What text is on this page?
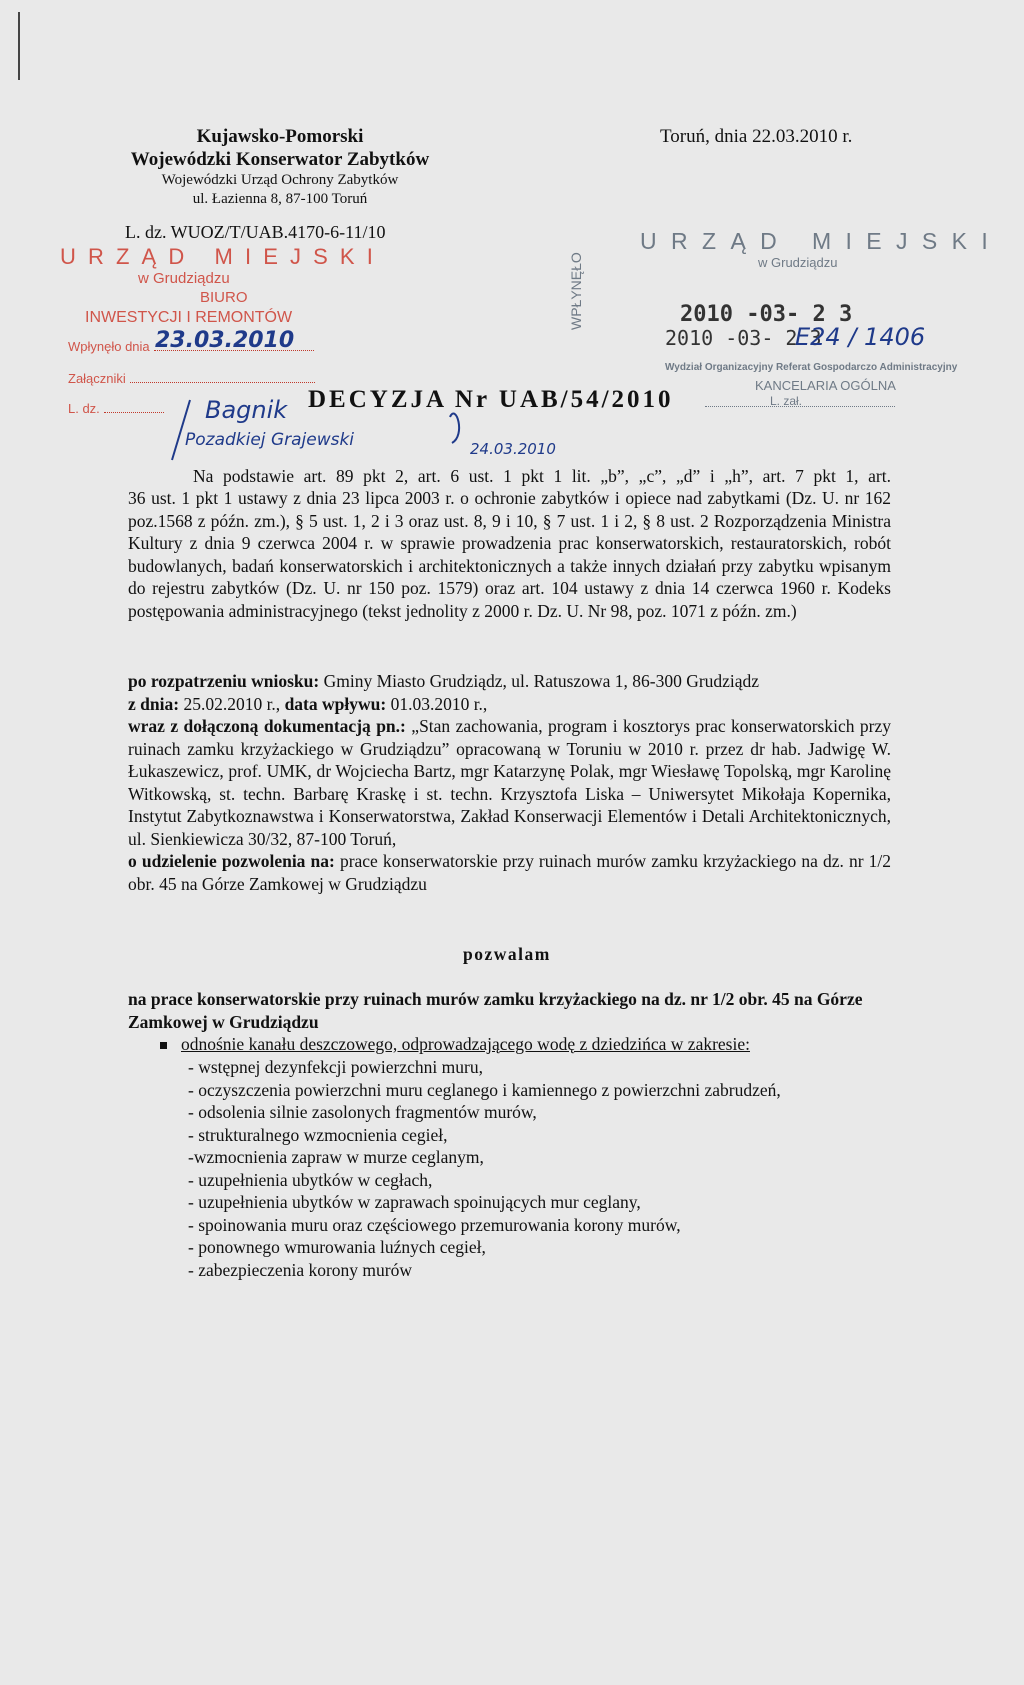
Kujawsko-Pomorski
Wojewódzki Konserwator Zabytków
Wojewódzki Urząd Ochrony Zabytków
ul. Łazienna 8, 87-100 Toruń
Toruń, dnia 22.03.2010 r.
L. dz. WUOZ/T/UAB.4170-6-11/10
U R Z Ą D   M I E J S K I
w Grudziądzu
BIURO
INWESTYCJI I REMONTÓW
Wpłynęło dnia 23.03.2010
Załączniki
L. dz.
U R Z Ą D   M I E J S K I
w Grudziądzu
WPŁYNĘŁO	2010 -03- 2 3
2010 -03- 2 3
E24 / 1406
Wydział Organizacyjny Referat Gospodarczo Administracyjny
KANCELARIA OGÓLNA
L. zał.
DECYZJA Nr UAB/54/2010
Bagnik
Pozadkiej Grajewski	24.03.2010
Na podstawie art. 89 pkt 2, art. 6 ust. 1 pkt 1 lit. „b”, „c”, „d” i „h”, art. 7 pkt 1, art.
36 ust. 1 pkt 1 ustawy z dnia 23 lipca 2003 r. o ochronie zabytków i opiece nad zabytkami (Dz. U. nr 162 poz.1568 z późn. zm.), § 5 ust. 1, 2 i 3 oraz ust. 8, 9 i 10, § 7 ust. 1 i 2, § 8 ust. 2 Rozporządzenia Ministra Kultury z dnia 9 czerwca 2004 r. w sprawie prowadzenia prac konserwatorskich, restauratorskich, robót budowlanych, badań konserwatorskich i architektonicznych a także innych działań przy zabytku wpisanym do rejestru zabytków (Dz. U. nr 150 poz. 1579) oraz art. 104 ustawy z dnia 14 czerwca 1960 r. Kodeks postępowania administracyjnego (tekst jednolity z 2000 r. Dz. U. Nr 98, poz. 1071 z późn. zm.)
po rozpatrzeniu wniosku: Gminy Miasto Grudziądz, ul. Ratuszowa 1, 86-300 Grudziądz
z dnia: 25.02.2010 r., data wpływu: 01.03.2010 r.,
wraz z dołączoną dokumentacją pn.: „Stan zachowania, program i kosztorys prac konserwatorskich przy ruinach zamku krzyżackiego w Grudziądzu” opracowaną w Toruniu w 2010 r. przez dr hab. Jadwigę W. Łukaszewicz, prof. UMK, dr Wojciecha Bartz, mgr Katarzynę Polak, mgr Wiesławę Topolską, mgr Karolinę Witkowską, st. techn. Barbarę Kraskę i st. techn. Krzysztofa Liska – Uniwersytet Mikołaja Kopernika, Instytut Zabytkoznawstwa i Konserwatorstwa, Zakład Konserwacji Elementów i Detali Architektonicznych, ul. Sienkiewicza 30/32, 87-100 Toruń,
o udzielenie pozwolenia na: prace konserwatorskie przy ruinach murów zamku krzyżackiego na dz. nr 1/2 obr. 45 na Górze Zamkowej w Grudziądzu
pozwalam
na prace konserwatorskie przy ruinach murów zamku krzyżackiego na dz. nr 1/2 obr. 45 na Górze Zamkowej w Grudziądzu
odnośnie kanału deszczowego, odprowadzającego wodę z dziedzińca w zakresie:
- wstępnej dezynfekcji powierzchni muru,
- oczyszczenia powierzchni muru ceglanego i kamiennego z powierzchni zabrudzeń,
- odsolenia silnie zasolonych fragmentów murów,
- strukturalnego wzmocnienia cegieł,
-wzmocnienia zapraw w murze ceglanym,
- uzupełnienia ubytków w cegłach,
- uzupełnienia ubytków w zaprawach spoinujących mur ceglany,
- spoinowania muru oraz częściowego przemurowania korony murów,
- ponownego wmurowania luźnych cegieł,
- zabezpieczenia korony murów
